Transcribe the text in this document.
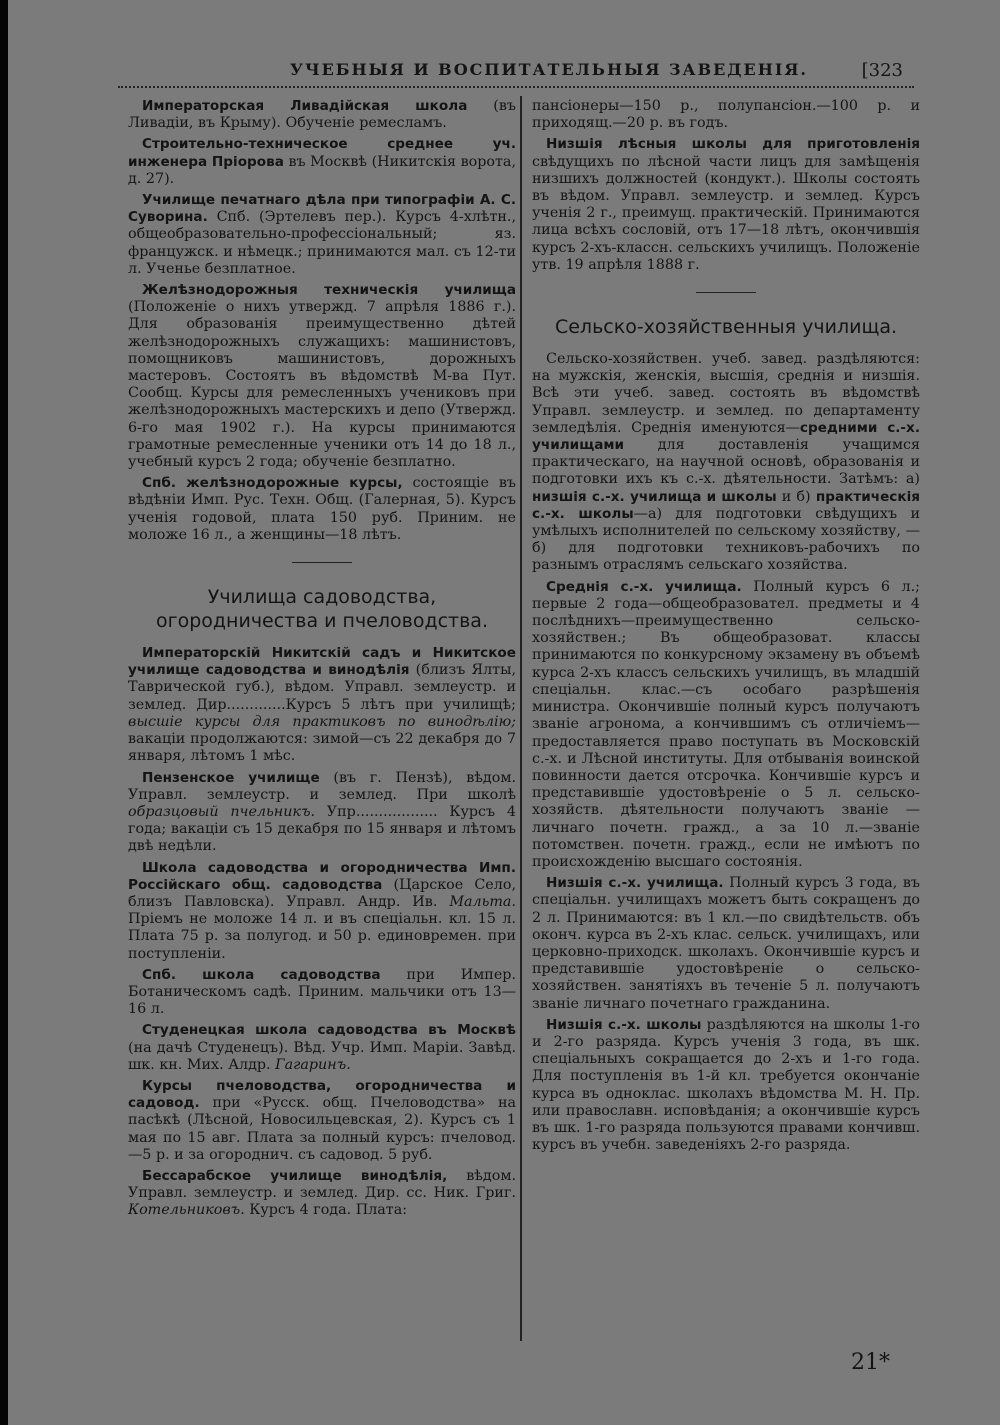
УЧЕБНЫЯ И ВОСПИТАТЕЛЬНЫЯ ЗАВЕДЕНІЯ.	[323

Императорская Ливадійская школа (въ Ливадіи, въ Крыму). Обученіе ремесламъ.

Строительно-техническое среднее уч. инженера Пріорова въ Москвѣ (Никитскія ворота, д. 27).

Училище печатнаго дѣла при типографіи А. С. Суворина. Спб. (Эртелевъ пер.). Курсъ 4-хлѣтн., общеобразовательно-профессіональный; яз. францужск. и нѣмецк.; принимаются мал. съ 12-ти л. Ученье безплатное.

Желѣзнодорожныя техническія училища (Положеніе о нихъ утвержд. 7 апрѣля 1886 г.). Для образованія преимущественно дѣтей желѣзнодорожныхъ служащихъ: машинистовъ, помощниковъ машинистовъ, дорожныхъ мастеровъ. Состоятъ въ вѣдомствѣ М-ва Пут. Сообщ. Курсы для ремесленныхъ учениковъ при желѣзнодорожныхъ мастерскихъ и депо (Утвержд. 6-го мая 1902 г.). На курсы принимаются грамотные ремесленные ученики отъ 14 до 18 л., учебный курсъ 2 года; обученіе безплатно.

Спб. желѣзнодорожные курсы, состоящіе въ вѣдѣніи Имп. Рус. Техн. Общ. (Галерная, 5). Курсъ ученія годовой, плата 150 руб. Приним. не моложе 16 л., а женщины—18 лѣтъ.

Училища садоводства, огородничества и пчеловодства.

Императорскій Никитскій садъ и Никитское училище садоводства и винодѣлія (близъ Ялты, Таврической губ.), вѣдом. Управл. землеустр. и землед. Дир.............Курсъ 5 лѣтъ при училищѣ; высшіе курсы для практиковъ по винодѣлію; вакаціи продолжаются: зимой—съ 22 декабря до 7 января, лѣтомъ 1 мѣс.

Пензенское училище (въ г. Пензѣ), вѣдом. Управл. землеустр. и землед. При школѣ образцовый пчельникъ. Упр.................. Курсъ 4 года; вакаціи съ 15 декабря по 15 января и лѣтомъ двѣ недѣли.

Школа садоводства и огородничества Имп. Россійскаго общ. садоводства (Царское Село, близъ Павловска). Управл. Андр. Ив. Мальта. Пріемъ не моложе 14 л. и въ спеціальн. кл. 15 л. Плата 75 р. за полугод. и 50 р. единовремен. при поступленіи.

Спб. школа садоводства при Импер. Ботаническомъ садѣ. Приним. мальчики отъ 13—16 л.

Студенецкая школа садоводства въ Москвѣ (на дачѣ Студенецъ). Вѣд. Учр. Имп. Маріи. Завѣд. шк. кн. Мих. Алдр. Гагаринъ.

Курсы пчеловодства, огородничества и садовод. при «Русск. общ. Пчеловодства» на пасѣкѣ (Лѣсной, Новосильцевская, 2). Курсъ съ 1 мая по 15 авг. Плата за полный курсъ: пчеловод.—5 р. и за огороднич. съ садовод. 5 руб.

Бессарабское училище винодѣлія, вѣдом. Управл. землеустр. и землед. Дир. сс. Ник. Григ. Котельниковъ. Курсъ 4 года. Плата:

пансіонеры—150 р., полупансіон.—100 р. и приходящ.—20 р. въ годъ.

Низшія лѣсныя школы для приготовленія свѣдущихъ по лѣсной части лицъ для замѣщенія низшихъ должностей (кондукт.). Школы состоять въ вѣдом. Управл. землеустр. и землед. Курсъ ученія 2 г., преимущ. практическій. Принимаются лица всѣхъ сословій, отъ 17—18 лѣтъ, окончившія курсъ 2-хъ-классн. сельскихъ училищъ. Положеніе утв. 19 апрѣля 1888 г.

Сельско-хозяйственныя училища.

Сельско-хозяйствен. учеб. завед. раздѣляются: на мужскія, женскія, высшія, среднія и низшія. Всѣ эти учеб. завед. состоять въ вѣдомствѣ Управл. землеустр. и землед. по департаменту земледѣлія. Среднія именуются—средними с.-х. училищами для доставленія учащимся практическаго, на научной основѣ, образованія и подготовки ихъ къ с.-х. дѣятельности. Затѣмъ: а) низшія с.-х. училища и школы и б) практическія с.-х. школы—а) для подготовки свѣдущихъ и умѣлыхъ исполнителей по сельскому хозяйству, — б) для подготовки техниковъ-рабочихъ по разнымъ отраслямъ сельскаго хозяйства.

Среднія с.-х. училища. Полный курсъ 6 л.; первые 2 года—общеобразовател. предметы и 4 послѣднихъ—преимущественно сельско-хозяйствен.; Въ общеобразоват. классы принимаются по конкурсному экзамену въ объемѣ курса 2-хъ классъ сельскихъ училищъ, въ младшій спеціальн. клас.—съ особаго разрѣшенія министра. Окончившіе полный курсъ получаютъ званіе агронома, а кончившимъ съ отличіемъ—предоставляется право поступать въ Московскій с.-х. и Лѣсной институты. Для отбыванія воинской повинности дается отсрочка. Кончившіе курсъ и представившіе удостовѣреніе о 5 л. сельско-хозяйств. дѣятельности получаютъ званіе — личнаго почетн. гражд., а за 10 л.—званіе потомствен. почетн. гражд., если не имѣютъ по происхожденію высшаго состоянія.

Низшія с.-х. училища. Полный курсъ 3 года, въ спеціальн. училищахъ можетъ быть сокращенъ до 2 л. Принимаются: въ 1 кл.—по свидѣтельств. объ оконч. курса въ 2-хъ клас. сельск. училищахъ, или церковно-приходск. школахъ. Окончившіе курсъ и представившіе удостовѣреніе о сельско-хозяйствен. занятіяхъ въ теченіе 5 л. получаютъ званіе личнаго почетнаго гражданина.

Низшія с.-х. школы раздѣляются на школы 1-го и 2-го разряда. Курсъ ученія 3 года, въ шк. спеціальныхъ сокращается до 2-хъ и 1-го года. Для поступленія въ 1-й кл. требуется окончаніе курса въ одноклас. школахъ вѣдомства М. Н. Пр. или православн. исповѣданія; а окончившіе курсъ въ шк. 1-го разряда пользуются правами кончивш. курсъ въ учебн. заведеніяхъ 2-го разряда.

21*
